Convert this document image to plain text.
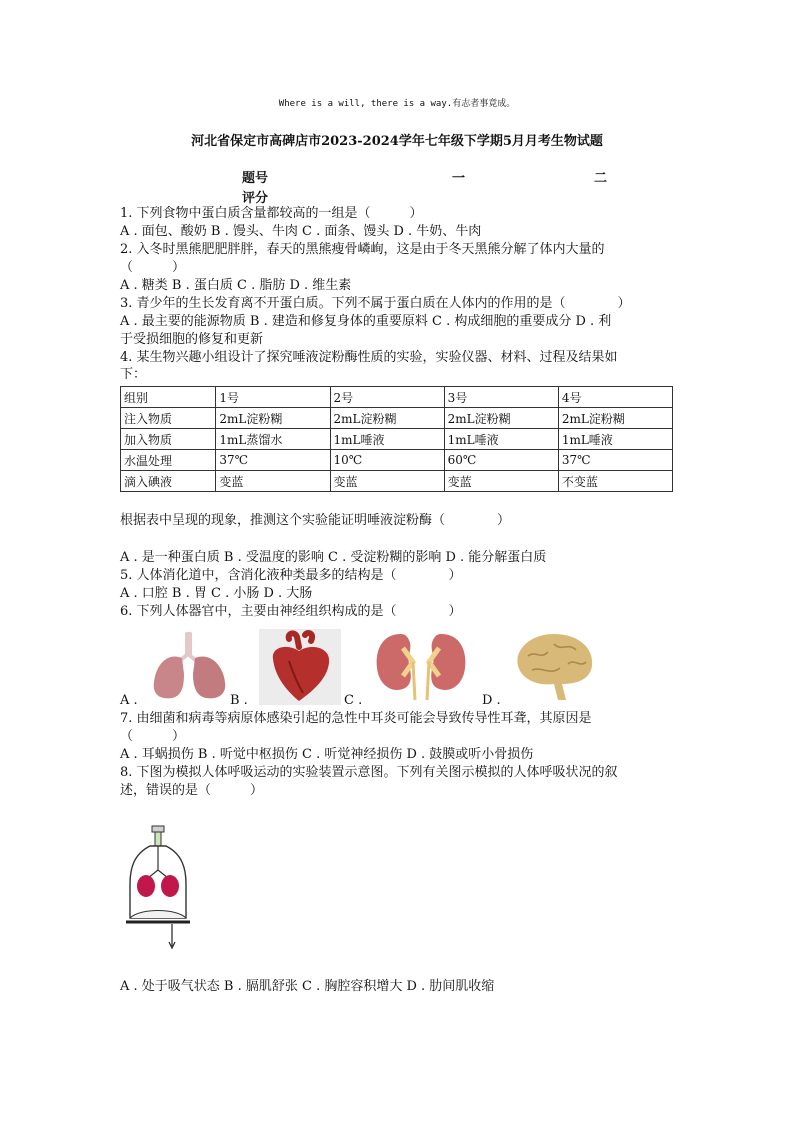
Where is a will, there is a way.有志者事竟成。
河北省保定市高碑店市2023-2024学年七年级下学期5月月考生物试题
题号	一	二
评分
1. 下列食物中蛋白质含量都较高的一组是（　　　）
A . 面包、酸奶 B . 馒头、牛肉 C . 面条、馒头 D . 牛奶、牛肉
2. 入冬时黑熊肥肥胖胖，春天的黑熊瘦骨嶙峋，这是由于冬天黑熊分解了体内大量的
（　　　）
A . 糖类 B . 蛋白质 C . 脂肪 D . 维生素
3. 青少年的生长发育离不开蛋白质。下列不属于蛋白质在人体内的作用的是（　　　　）
A . 最主要的能源物质 B . 建造和修复身体的重要原料 C . 构成细胞的重要成分 D . 利
于受损细胞的修复和更新
4. 某生物兴趣小组设计了探究唾液淀粉酶性质的实验，实验仪器、材料、过程及结果如
下：
组别	1号	2号	3号	4号
注入物质	2mL淀粉糊	2mL淀粉糊	2mL淀粉糊	2mL淀粉糊
加入物质	1mL蒸馏水	1mL唾液	1mL唾液	1mL唾液
水温处理	37℃	10℃	60℃	37℃
滴入碘液	变蓝	变蓝	变蓝	不变蓝
根据表中呈现的现象，推测这个实验能证明唾液淀粉酶（　　　　）
A . 是一种蛋白质 B . 受温度的影响 C . 受淀粉糊的影响 D . 能分解蛋白质
5. 人体消化道中，含消化液种类最多的结构是（　　　　）
A . 口腔 B . 胃 C . 小肠 D . 大肠
6. 下列人体器官中，主要由神经组织构成的是（　　　　）
A .	B .	C .	D .
7. 由细菌和病毒等病原体感染引起的急性中耳炎可能会导致传导性耳聋，其原因是
（　　　）
A . 耳蜗损伤 B . 听觉中枢损伤 C . 听觉神经损伤 D . 鼓膜或听小骨损伤
8. 下图为模拟人体呼吸运动的实验装置示意图。下列有关图示模拟的人体呼吸状况的叙
述，错误的是（　　　）
A . 处于吸气状态 B . 膈肌舒张 C . 胸腔容积增大 D . 肋间肌收缩
